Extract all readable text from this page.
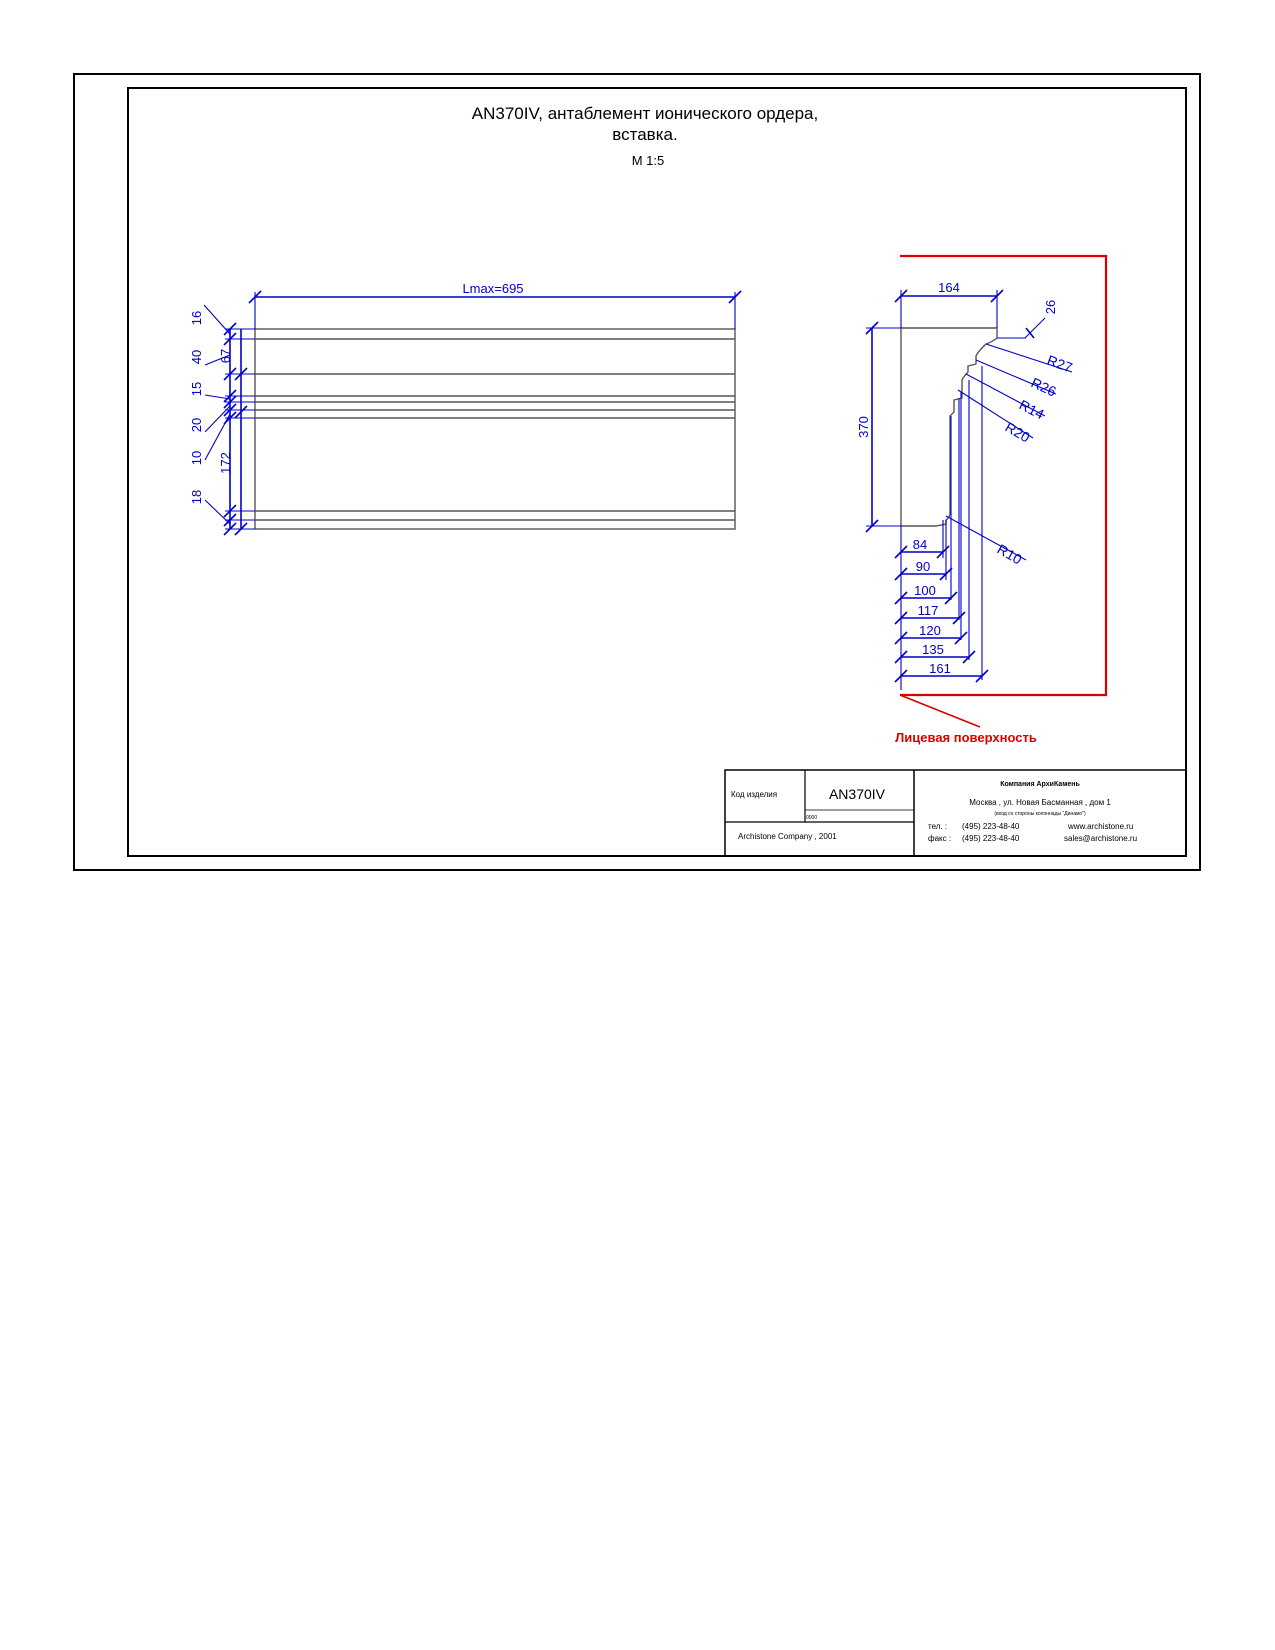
AN370IV, антаблемент ионического ордера,
вставка.
М 1:5
Lmax=695
16
40 67
15
20
10 172
18
Лицевая поверхность
164
26
370
R27
R26
R14
R20
R10
84
90
100
117
120
135
161
Код изделия	AN370IV
0000
Archistone Company , 2001
Компания АрхиКамень
Москва , ул. Новая Басманная , дом 1
(вход со стороны колоннады "Динамо")
тел. : (495) 223-48-40
факс : (495) 223-48-40
www.archistone.ru
sales@archistone.ru
